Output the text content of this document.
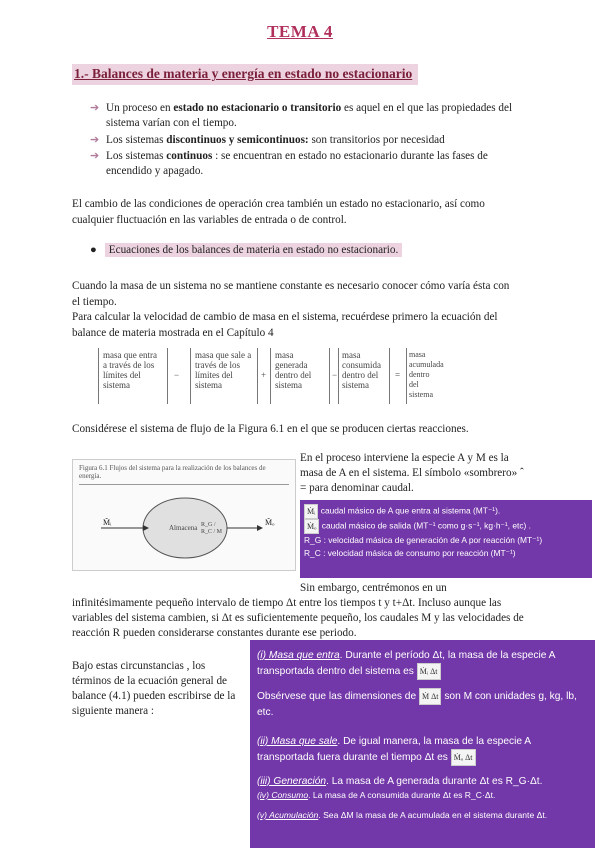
TEMA 4
1.- Balances de materia y energía en estado no estacionario
➔ Un proceso en estado no estacionario o transitorio es aquel en el que las propiedades del sistema varían con el tiempo.
➔ Los sistemas discontinuos y semicontinuos: son transitorios por necesidad
➔ Los sistemas continuos : se encuentran en estado no estacionario durante las fases de encendido y apagado.
El cambio de las condiciones de operación crea también un estado no estacionario, así como cualquier fluctuación en las variables de entrada o de control.
● Ecuaciones de los balances de materia en estado no estacionario.
Cuando la masa de un sistema no se mantiene constante es necesario conocer cómo varía ésta con el tiempo.
Para calcular la velocidad de cambio de masa en el sistema, recuérdese primero la ecuación del balance de materia mostrada en el Capítulo 4
masa que entra a través de los límites del sistema
−
masa que sale a través de los límites del sistema
+
masa generada dentro del sistema
−
masa consumida dentro del sistema
=
masa acumulada dentro del sistema
Considérese el sistema de flujo de la Figura 6.1 en el que se producen ciertas reacciones.
Figura 6.1 Flujos del sistema para la realización de los balances de energía.
M̃ᵢ	M̃ₒ
Almacena R_G / R_C / M
En el proceso interviene la especie A y M es la masa de A en el sistema. El símbolo «sombrero» ˆ = para denominar caudal.
Ṁᵢ caudal másico de A que entra al sistema (MT⁻¹).
Ṁₒ caudal másico de salida (MT⁻¹ como g·s⁻¹, kg·h⁻¹, etc) .
R_G : velocidad másica de generación de A por reacción (MT⁻¹)
R_C : velocidad másica de consumo por reacción (MT⁻¹)
Sin embargo, centrémonos en un
infinitésimamente pequeño intervalo de tiempo Δt entre los tiempos t y t+Δt. Incluso aunque las variables del sistema cambien, si Δt es suficientemente pequeño, los caudales M y las velocidades de reacción R pueden considerarse constantes durante ese periodo.
Bajo estas circunstancias , los términos de la ecuación general de balance (4.1) pueden escribirse de la siguiente manera :
(i) Masa que entra. Durante el período Δt, la masa de la especie A transportada dentro del sistema es Ṁᵢ Δt
Obsérvese que las dimensiones de Ṁ Δt son M con unidades g, kg, lb, etc.
(ii) Masa que sale. De igual manera, la masa de la especie A transportada fuera durante el tiempo Δt es Ṁₒ Δt
(iii) Generación. La masa de A generada durante Δt es R_G·Δt.
(iv) Consumo. La masa de A consumida durante Δt es R_C·Δt.
(v) Acumulación. Sea ΔM la masa de A acumulada en el sistema durante Δt.
